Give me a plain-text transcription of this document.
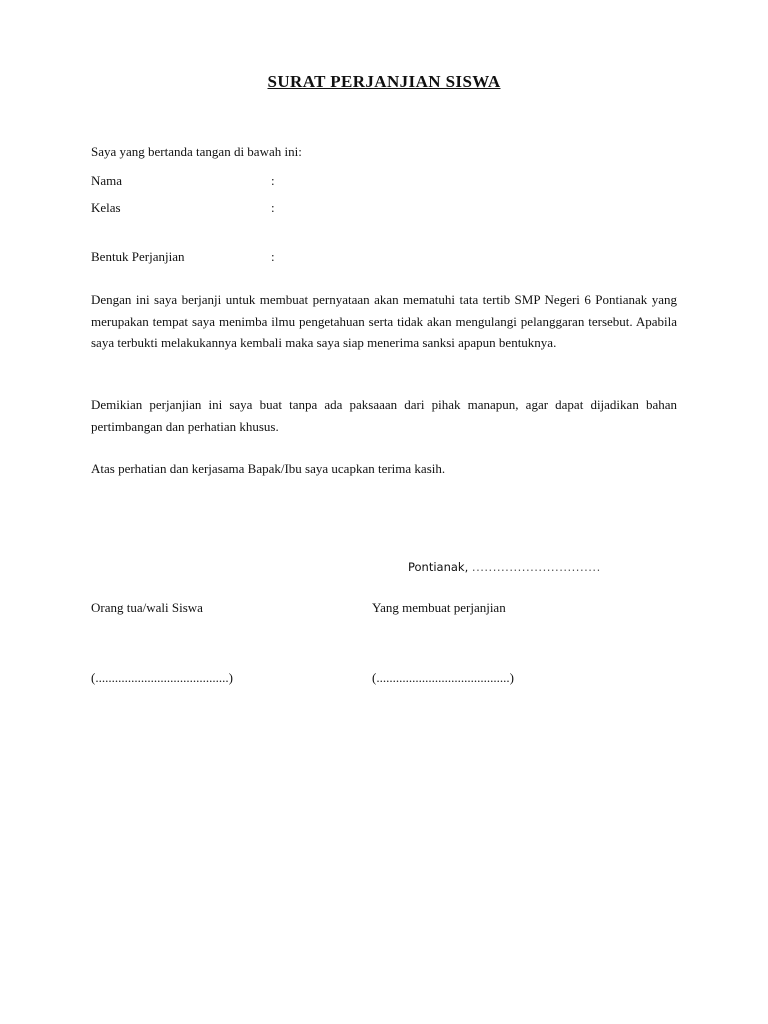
SURAT PERJANJIAN SISWA
Saya yang bertanda tangan di bawah ini:
Nama	:
Kelas	:
Bentuk Perjanjian	:
Dengan ini saya berjanji untuk membuat pernyataan akan mematuhi tata tertib SMP Negeri 6 Pontianak yang merupakan tempat saya menimba ilmu pengetahuan serta tidak akan mengulangi pelanggaran tersebut. Apabila saya terbukti melakukannya kembali maka saya siap menerima sanksi apapun bentuknya.
Demikian perjanjian ini saya buat tanpa ada paksaaan dari pihak manapun, agar dapat dijadikan bahan pertimbangan dan perhatian khusus.
Atas perhatian dan kerjasama Bapak/Ibu saya ucapkan terima kasih.
Pontianak, ...............................
Orang tua/wali Siswa	Yang membuat perjanjian
(.........................................)	(.........................................)
